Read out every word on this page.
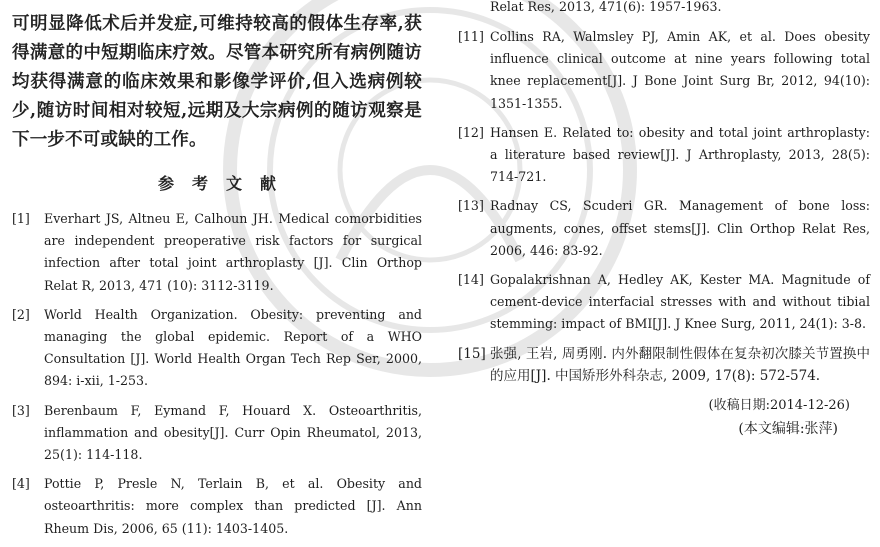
可明显降低术后并发症,可维持较高的假体生存率,获得满意的中短期临床疗效。尽管本研究所有病例随访均获得满意的临床效果和影像学评价,但入选病例较少,随访时间相对较短,远期及大宗病例的随访观察是下一步不可或缺的工作。

参考文献
[1] Everhart JS, Altneu E, Calhoun JH. Medical comorbidities are independent preoperative risk factors for surgical infection after total joint arthroplasty [J]. Clin Orthop Relat R, 2013, 471 (10): 3112-3119.
[2] World Health Organization. Obesity: preventing and managing the global epidemic. Report of a WHO Consultation [J]. World Health Organ Tech Rep Ser, 2000, 894: i-xii, 1-253.
[3] Berenbaum F, Eymand F, Houard X. Osteoarthritis, inflammation and obesity[J]. Curr Opin Rheumatol, 2013, 25(1): 114-118.
[4] Pottie P, Presle N, Terlain B, et al. Obesity and osteoarthritis: more complex than predicted [J]. Ann Rheum Dis, 2006, 65 (11): 1403-1405.
Relat Res, 2013, 471(6): 1957-1963.
[11] Collins RA, Walmsley PJ, Amin AK, et al. Does obesity influence clinical outcome at nine years following total knee replacement[J]. J Bone Joint Surg Br, 2012, 94(10): 1351-1355.
[12] Hansen E. Related to: obesity and total joint arthroplasty: a literature based review[J]. J Arthroplasty, 2013, 28(5): 714-721.
[13] Radnay CS, Scuderi GR. Management of bone loss: augments, cones, offset stems[J]. Clin Orthop Relat Res, 2006, 446: 83-92.
[14] Gopalakrishnan A, Hedley AK, Kester MA. Magnitude of cement-device interfacial stresses with and without tibial stemming: impact of BMI[J]. J Knee Surg, 2011, 24(1): 3-8.
[15] 张强, 王岩, 周勇刚. 内外翻限制性假体在复杂初次膝关节置换中的应用[J]. 中国矫形外科杂志, 2009, 17(8): 572-574.
(收稿日期:2014-12-26)
(本文编辑:张萍)
